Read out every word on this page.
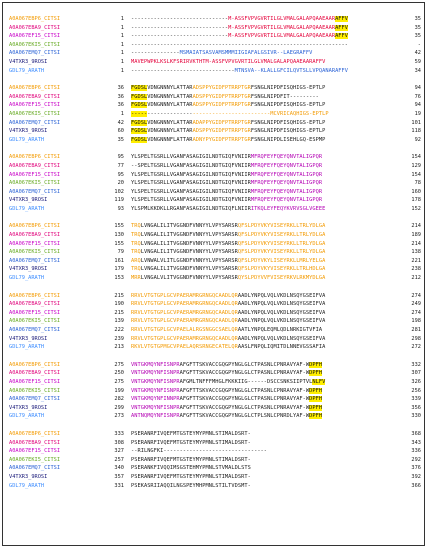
A0A067EBP6_CITSI	1 ------------------------------M-ASSFVPVGVRTILGLVMALGALAPQAAEAARAFFV	35
A0A067EBA9_CITSI	1 ------------------------------M-ASSFVPVGVRTILGLVMALGALAPQAAEAARAFFV	35
A0A067EF15_CITSI	1 ------------------------------M-ASSFVPVGVRTILGLVMALGALAPQAAEAARAFFV	35
A0A067EKI5_CITSI	1 -------------------------------------------------------------------	-
A0A067EMQ7_CITSI	1 ---------------MSMAIATSASVAMSMMMIIGIAFALGSIVR--LAEGRAFFV	42
V4TXR3_9ROSI	1 MAVEPWPKLKSLKFSRIRVKTHTM-ASSFVPVGVRTILGLVMALGALAPQAAEAARAFFV	59
GDL79_ARATH	1 --------------------------------MTNSVA--KLALLGFCILQVTSLLVPQANARAFFV	34
A0A067EBP6_CITSI	36 FGDSLVDNGNNNYLATTARADSPPYGIDFPTRRPTGRFSNGLNIPDFISQHIGS-EPTLP	94
A0A067EBA9_CITSI	36 FGDSLVDNGNNNYLATTARADSPPYGIDFPTRRPTGRFSNGLNIPDFIT---------	76
A0A067EF15_CITSI	36 FGDSLVDNGNNNYLATTARADSPPYGIDFPTRRPTGRFSNGLNIPDFISQHIGS-EPTLP	94
A0A067EKI5_CITSI	1 -------------------------------------------MCVRICAQHIGS-EPTLP	19
A0A067EMQ7_CITSI	42 FGDSLVDNGNNNYLATTARADAPPYGIDFPTRRPTGRFSNGLNIPDFISQHIGS-EPTLP	101
V4TXR3_9ROSI	60 FGDSLVDNGNNNYLATTARADSPPYGIDFPTRRPTGRFSNGLNIPDFISQHIGS-EPTLP	118
GDL79_ARATH	35 FGDSLVDNGNNNFLATTARADNYPYGIDFPTRRPTGRFSNGLNIPDLISEHLGQ-ESPMP	92
A0A067EBP6_CITSI	95 YLSPELTGSRLLVGANFASAGIGILNDTGIQFVNIIRMFRQFEYFQEYQNVTALIGPQR	154
A0A067EBA9_CITSI	77 --SPELTGSRLLVGANFASAGIGILNDTGIQFVNIIRMFRQFEYFQEYQNVTALIGPQR	129
A0A067EF15_CITSI	95 YLSPELTGSRLLVGANFASAGIGILNDTGIQFVNIIRMFRQFEYFQEYQNVTALIGPQR	154
A0A067EKI5_CITSI	20 YLSPELTGSRLLVGANFASAGIGILNDTGIQFVNIIRMFRQFEYFQEYQNVTALIGPQR	78
A0A067EMQ7_CITSI	102 YLSPELTGSRLLVGANFASAGIGILNDTGIQFVNIIRMFRQFEYFQEYQNVTALIGPQR	160
V4TXR3_9ROSI	119 YLSPELTGSRLLVGANFASAGIGILNDTGIQFVNIIRMFRQFEYFQEYQNVTALIGPQR	178
GDL79_ARATH	93 YLSPMLKKDKLLRGANFASAGIGILNDTGIQFLNIIRITKQLEYFEQYKVRVSGLVGEEE	152
A0A067EBP6_CITSI	155 TRQLVNGALILITVGGNDFVNNYYLVPYSARSRQFSLPDYVKYVISEYRKLLTRLYDLGA	214
A0A067EBA9_CITSI	130 TRQLVNGALILITVGGNDFVNNYYLVPYSARSRQFSLPDYVKYVISEYRKLLTRLYDLGA	189
A0A067EF15_CITSI	155 TRQLVNGALILITVGGNDFVNNYYLVPYSARSRQFSLPDYVKYVISEYRKLLTRLYDLGA	214
A0A067EKI5_CITSI	79 TRQLVNGALILITVGGNDFVNNYYLVPYSARSRQFSLPDYVKYVISEYRKLLTRLYDLGA	138
A0A067EMQ7_CITSI	161 ARQLVNWALVLITLGGNDFVNNYYLVPYSARSRQFSLPDYVKYLISEYRKLLMRLYELGA	221
V4TXR3_9ROSI	179 TRQLVNGALILITVGGNDFVNNYYLVPYSARSRQFSLPDYVKYVISEYRKLLTRLHDLGA	238
GDL79_ARATH	153 MRRLVNGALVLITVGGNDFVNNYYLVPYSARSRQYSLPDYVVFVISEYRKVLRKMYDLGA	212
A0A067EBP6_CITSI	215 RRVLVTGTGPLGCVPAERAMRGRNGQCAADLQRAADLYNPQLVQLVKDLNSQYGSEIFVA	274
A0A067EBA9_CITSI	190 RRVLVTGTGPLGCVPAERAMRGRNGQCAADLQRAADLYNPQLVQLVKDLNSQYGSEIFVA	249
A0A067EF15_CITSI	215 RRVLVTGTGPLGCVPAERAMRGRNGQCAADLQRAADLYNPQLVQLVKDLNSQYGSEIFVA	274
A0A067EKI5_CITSI	139 RRVLVTGTGPLGCVPAERAMRGRNGQCAADLQRAADLYNPQLVQLVKDLNSQYGSEIFVA	198
A0A067EMQ7_CITSI	222 RRVLVTGTGPLGCVPAELALRGSNGGCSAELQRAATLYNPQLEQMLQDLNRKIGTVFIA	281
V4TXR3_9ROSI	239 RRVLVTGTGPLGCVPAERAMRGRNGQCAADLQRAADLYNPQLVQLVKDLNSQYGSEIFVA	298
GDL79_ARATH	213 RKVLVTGTGPMGCVPAELAQRSRNGECATELQRAASLFNPQLIQMITDLNNEVGSSAFIA	272
A0A067EBP6_CITSI	275 VNTGKMQYNFISNPRAFGFTTSKVACCGQGPYNGLGLCTPASNLCPNRAVYAF-WDPFH	332
A0A067EBA9_CITSI	250 VNTGKMQYNFISNPRAFGFTTSKVACCGQGPYNGLGLCTPASNLCPNRAVYAF-WDPFH	307
A0A067EF15_CITSI	275 VNTGKMQYNFISNPRAFGMLTNFFFMHGLFKKKIIG------DSCCSNKSIIPTVLNLFV	326
A0A067EKI5_CITSI	199 VNTGKMQYNFISNPRAFGFTTSKVACCGQGPYNGLGLCTPASNLCPNRAVYAF-WDPFH	256
A0A067EMQ7_CITSI	282 VNTGKMQYNFINNPRAFGFTTSKVACCGQGPYNGLGLCTPASNLCPNRAVYAF-WDPFH	339
V4TXR3_9ROSI	299 VNTGKMQYNFISNPRAFGFTTSKVACCGQGPYNGLGLCTPASNLCPNRAVYAF-WDPFH	356
GDL79_ARATH	273 ANTNQMQYNFISNPRAFGFTTSKVACCGQGPYNGLGLCTPLSNLCPNRDLYAF-WDPFH	330
A0A067EBP6_CITSI	333 PSERANRFIVQEFMTGSTEYMYPMNLSTIMALDSRT-	368
A0A067EBA9_CITSI	308 PSERANRFIVQEFMTGSTEYMYPMNLSTIMALDSRT-	343
A0A067EF15_CITSI	327 --RILNGFKI--------------------------------	336
A0A067EKI5_CITSI	257 PSERANRFIVQEFMTGSTEYMYPMNLSTIMALDSRT-	292
A0A067EMQ7_CITSI	340 PSERANKFIVQQIMSGSTEHMYPMNLSTVMALDLSTS	376
V4TXR3_9ROSI	357 PSERANRFIVQEFMTGSTEYMYPMNLSTIMALDSRT-	392
GDL79_ARATH	331 PSEKASRIIAQQILNGSPEYMHPMNLSTILTVDSMT-	366
